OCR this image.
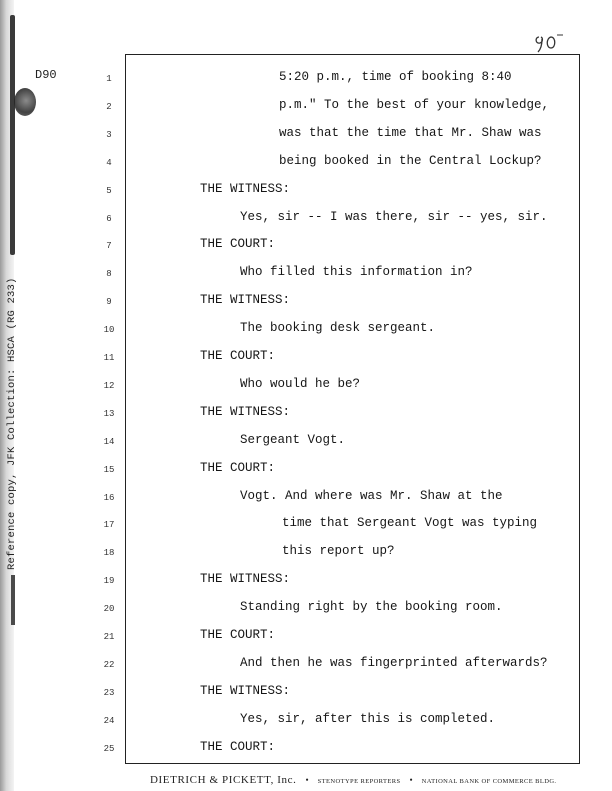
Reference copy, JFK Collection: HSCA (RG 233)
D90	1	5:20 p.m., time of booking 8:40
2	p.m." To the best of your knowledge,
3	was that the time that Mr. Shaw was
4	being booked in the Central Lockup?
5	THE WITNESS:
6	Yes, sir -- I was there, sir -- yes, sir.
7	THE COURT:
8	Who filled this information in?
9	THE WITNESS:
10	The booking desk sergeant.
11	THE COURT:
12	Who would he be?
13	THE WITNESS:
14	Sergeant Vogt.
15	THE COURT:
16	Vogt. And where was Mr. Shaw at the
17	time that Sergeant Vogt was typing
18	this report up?
19	THE WITNESS:
20	Standing right by the booking room.
21	THE COURT:
22	And then he was fingerprinted afterwards?
23	THE WITNESS:
24	Yes, sir, after this is completed.
25	THE COURT:
DIETRICH & PICKETT, Inc. • STENOTYPE REPORTERS • NATIONAL BANK OF COMMERCE BLDG.
